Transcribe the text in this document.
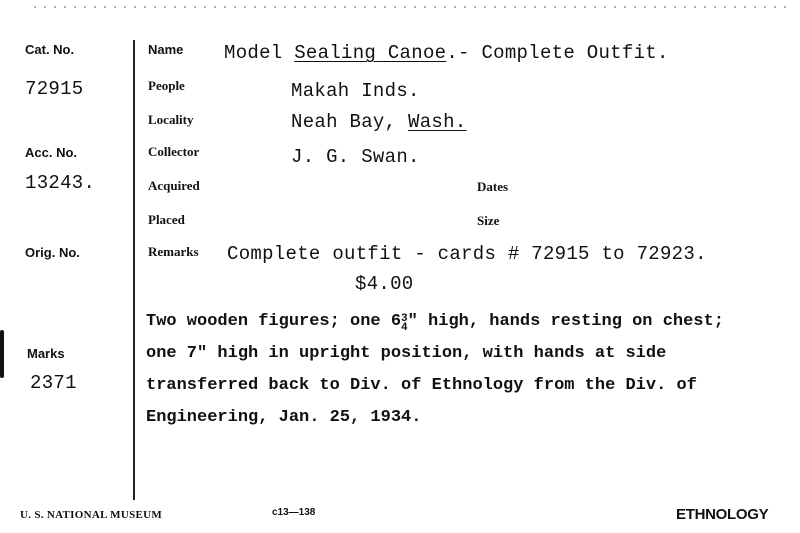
Cat. No.
72915
Acc. No.
13243.
Orig. No.
Marks
2371
Name
People
Locality
Collector
Acquired
Placed
Remarks
Dates
Size
Model Sealing Canoe.- Complete Outfit.
Makah Inds.
Neah Bay, Wash.
J. G. Swan.
Complete outfit - cards # 72915 to 72923.
$4.00
Two wooden figures; one 63
4" high, hands resting on chest;
one 7" high in upright position, with hands at side
transferred back to Div. of Ethnology from the Div. of
Engineering, Jan. 25, 1934.
U. S. NATIONAL MUSEUM	c13—138	ETHNOLOGY
